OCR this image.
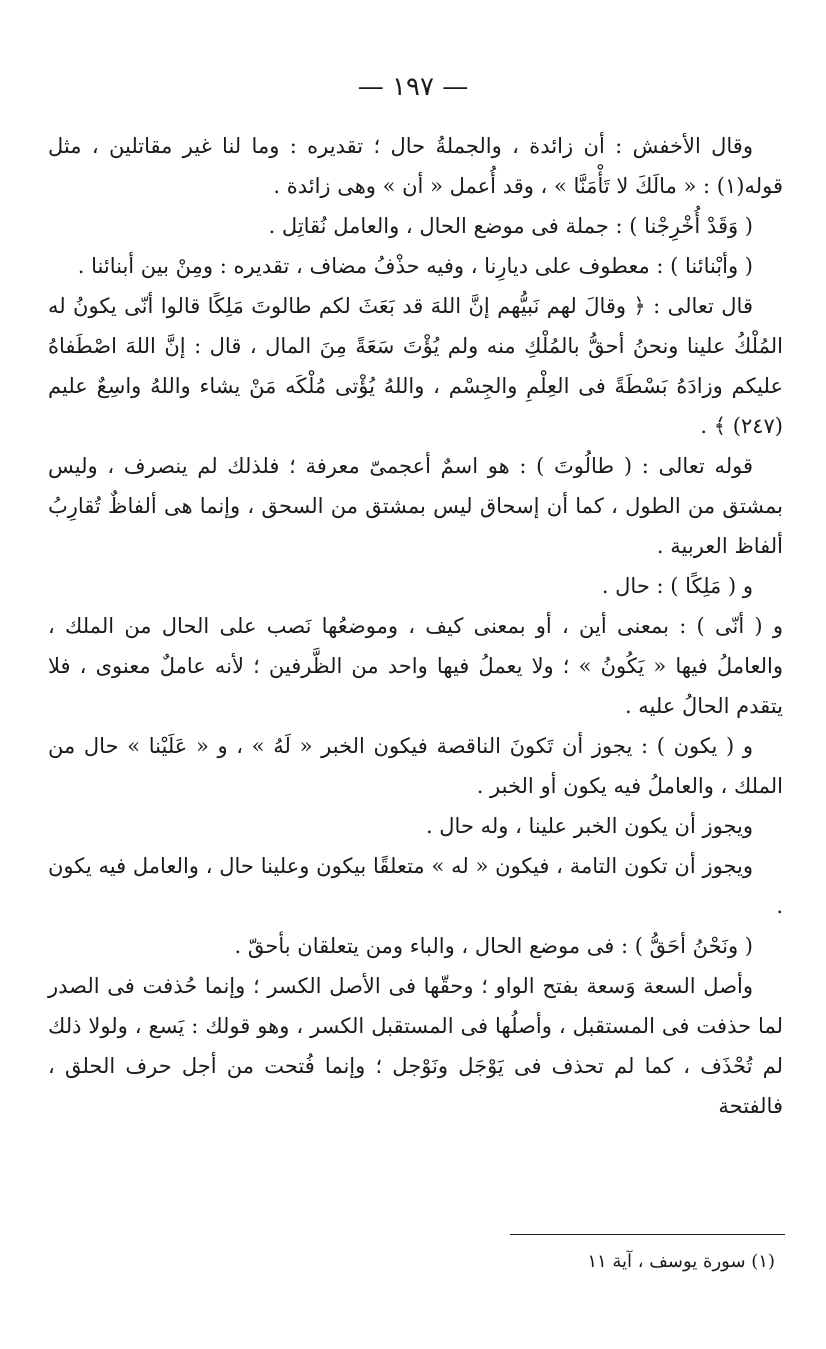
— ١٩٧ —

وقال الأخفش : أن زائدة ، والجملةُ حال ؛ تقديره : وما لنا غير مقاتلين ، مثل قوله(١) : « مالَكَ لا تَأْمَنَّا » ، وقد أُعمل « أن » وهى زائدة .

( وَقَدْ أُخْرِجْنا ) : جملة فى موضع الحال ، والعامل نُقاتِل .

( وأبْنائنا ) : معطوف على ديارِنا ، وفيه حذْفُ مضاف ، تقديره : ومِنْ بين أبنائنا .

قال تعالى : ﴿ وقالَ لهم نَبيُّهم إنَّ اللهَ قد بَعَثَ لكم طالوتَ مَلِكًا قالوا أنّى يكونُ له المُلْكُ علينا ونحنُ أحقُّ بالمُلْكِ منه ولم يُؤْتَ سَعَةً مِنَ المال ، قال : إنَّ اللهَ اصْطَفاهُ عليكم وزادَهُ بَسْطَةً فى العِلْمِ والجِسْم ، واللهُ يُؤْتى مُلْكَه مَنْ يشاء واللهُ واسِعٌ عليم (٢٤٧) ﴾ .

قوله تعالى : ( طالُوتَ ) : هو اسمٌ أعجمىّ معرفة ؛ فلذلك لم ينصرف ، وليس بمشتق من الطول ، كما أن إسحاق ليس بمشتق من السحق ، وإنما هى ألفاظٌ تُقارِبُ ألفاظ العربية .

و ( مَلِكًا ) : حال .

و ( أنّى ) : بمعنى أين ، أو بمعنى كيف ، وموضعُها نَصب على الحال من الملك ، والعاملُ فيها « يَكُونُ » ؛ ولا يعملُ فيها واحد من الظَّرفين ؛ لأنه عاملٌ معنوى ، فلا يتقدم الحالُ عليه .

و ( يكون ) : يجوز أن تَكونَ الناقصة فيكون الخبر « لَهُ » ، و « عَلَيْنا » حال من الملك ، والعاملُ فيه يكون أو الخبر .

ويجوز أن يكون الخبر علينا ، وله حال .

ويجوز أن تكون التامة ، فيكون « له » متعلقًا بيكون وعلينا حال ، والعامل فيه يكون .

( ونَحْنُ أحَقُّ ) : فى موضع الحال ، والباء ومن يتعلقان بأحقّ .

وأصل السعة وَسعة بفتح الواو ؛ وحقّها فى الأصل الكسر ؛ وإنما حُذفت فى الصدر لما حذفت فى المستقبل ، وأصلُها فى المستقبل الكسر ، وهو قولك : يَسع ، ولولا ذلك لم تُحْذَف ، كما لم تحذف فى يَوْجَل ونَوْجل ؛ وإنما فُتحت من أجل حرف الحلق ، فالفتحة

(١) سورة يوسف ، آية ١١
